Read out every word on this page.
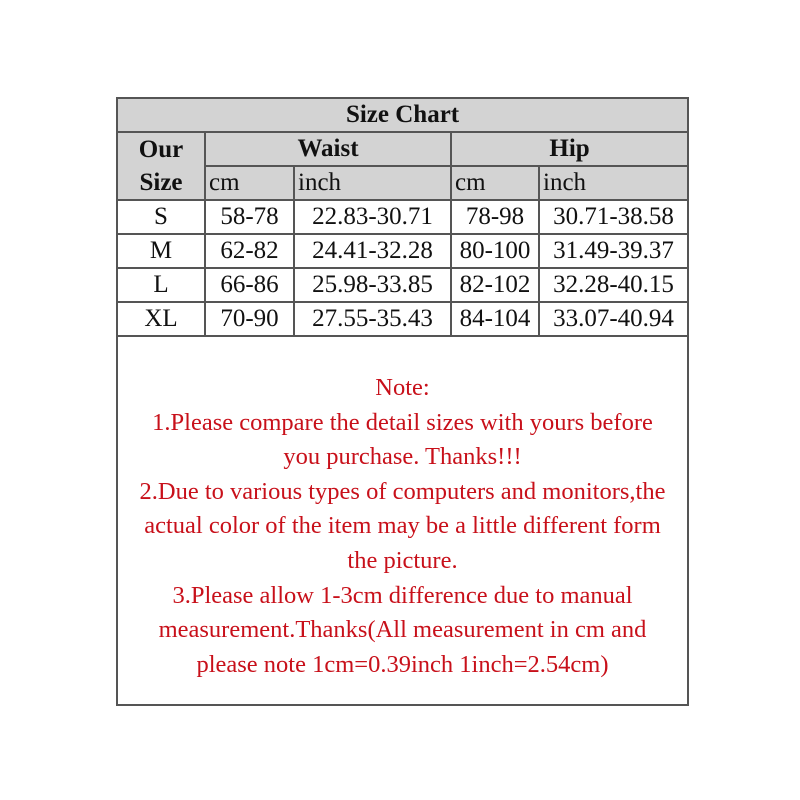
Size Chart				

Our
Size	Waist		Hip	
	cm	inch	cm	inch
S	58-78	22.83-30.71	78-98	30.71-38.58
M	62-82	24.41-32.28	80-100	31.49-39.37
L	66-86	25.98-33.85	82-102	32.28-40.15
XL	70-90	27.55-35.43	84-104	33.07-40.94
Note:
1.Please compare the detail sizes with yours before
you purchase. Thanks!!!
2.Due to various types of computers and monitors,the
actual color of the item may be a little different form
the picture.
3.Please allow 1-3cm difference due to manual
measurement.Thanks(All measurement in cm and
please note 1cm=0.39inch 1inch=2.54cm)
